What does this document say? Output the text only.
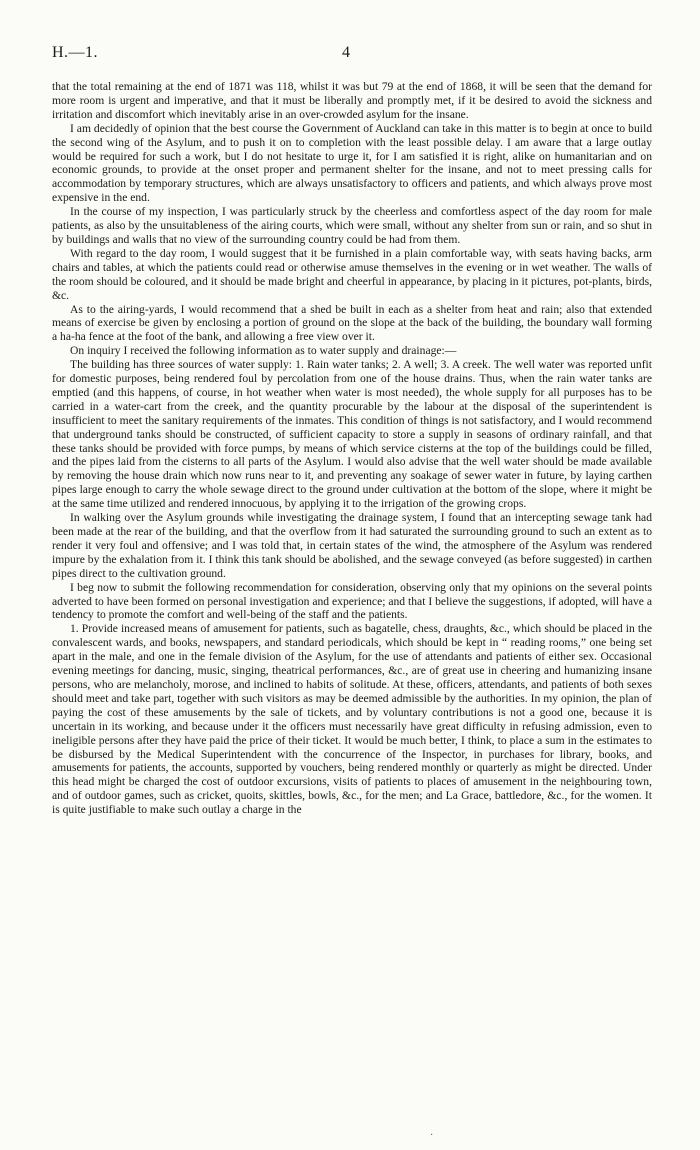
H.—1.	4

that the total remaining at the end of 1871 was 118, whilst it was but 79 at the end of 1868, it will be seen that the demand for more room is urgent and imperative, and that it must be liberally and promptly met, if it be desired to avoid the sickness and irritation and discomfort which inevitably arise in an over-crowded asylum for the insane.

I am decidedly of opinion that the best course the Government of Auckland can take in this matter is to begin at once to build the second wing of the Asylum, and to push it on to completion with the least possible delay. I am aware that a large outlay would be required for such a work, but I do not hesitate to urge it, for I am satisfied it is right, alike on humanitarian and on economic grounds, to provide at the onset proper and permanent shelter for the insane, and not to meet pressing calls for accommodation by temporary structures, which are always unsatisfactory to officers and patients, and which always prove most expensive in the end.

In the course of my inspection, I was particularly struck by the cheerless and comfortless aspect of the day room for male patients, as also by the unsuitableness of the airing courts, which were small, without any shelter from sun or rain, and so shut in by buildings and walls that no view of the surrounding country could be had from them.

With regard to the day room, I would suggest that it be furnished in a plain comfortable way, with seats having backs, arm chairs and tables, at which the patients could read or otherwise amuse themselves in the evening or in wet weather. The walls of the room should be coloured, and it should be made bright and cheerful in appearance, by placing in it pictures, pot-plants, birds, &c.

As to the airing-yards, I would recommend that a shed be built in each as a shelter from heat and rain; also that extended means of exercise be given by enclosing a portion of ground on the slope at the back of the building, the boundary wall forming a ha-ha fence at the foot of the bank, and allowing a free view over it.

On inquiry I received the following information as to water supply and drainage:—

The building has three sources of water supply: 1. Rain water tanks; 2. A well; 3. A creek. The well water was reported unfit for domestic purposes, being rendered foul by percolation from one of the house drains. Thus, when the rain water tanks are emptied (and this happens, of course, in hot weather when water is most needed), the whole supply for all purposes has to be carried in a water-cart from the creek, and the quantity procurable by the labour at the disposal of the superintendent is insufficient to meet the sanitary requirements of the inmates. This condition of things is not satisfactory, and I would recommend that underground tanks should be constructed, of sufficient capacity to store a supply in seasons of ordinary rainfall, and that these tanks should be provided with force pumps, by means of which service cisterns at the top of the buildings could be filled, and the pipes laid from the cisterns to all parts of the Asylum. I would also advise that the well water should be made available by removing the house drain which now runs near to it, and preventing any soakage of sewer water in future, by laying carthen pipes large enough to carry the whole sewage direct to the ground under cultivation at the bottom of the slope, where it might be at the same time utilized and rendered innocuous, by applying it to the irrigation of the growing crops.

In walking over the Asylum grounds while investigating the drainage system, I found that an intercepting sewage tank had been made at the rear of the building, and that the overflow from it had saturated the surrounding ground to such an extent as to render it very foul and offensive; and I was told that, in certain states of the wind, the atmosphere of the Asylum was rendered impure by the exhalation from it. I think this tank should be abolished, and the sewage conveyed (as before suggested) in carthen pipes direct to the cultivation ground.

I beg now to submit the following recommendation for consideration, observing only that my opinions on the several points adverted to have been formed on personal investigation and experience; and that I believe the suggestions, if adopted, will have a tendency to promote the comfort and well-being of the staff and the patients.

1. Provide increased means of amusement for patients, such as bagatelle, chess, draughts, &c., which should be placed in the convalescent wards, and books, newspapers, and standard periodicals, which should be kept in “ reading rooms,” one being set apart in the male, and one in the female division of the Asylum, for the use of attendants and patients of either sex. Occasional evening meetings for dancing, music, singing, theatrical performances, &c., are of great use in cheering and humanizing insane persons, who are melancholy, morose, and inclined to habits of solitude. At these, officers, attendants, and patients of both sexes should meet and take part, together with such visitors as may be deemed admissible by the authorities. In my opinion, the plan of paying the cost of these amusements by the sale of tickets, and by voluntary contributions is not a good one, because it is uncertain in its working, and because under it the officers must necessarily have great difficulty in refusing admission, even to ineligible persons after they have paid the price of their ticket. It would be much better, I think, to place a sum in the estimates to be disbursed by the Medical Superintendent with the concurrence of the Inspector, in purchases for library, books, and amusements for patients, the accounts, supported by vouchers, being rendered monthly or quarterly as might be directed. Under this head might be charged the cost of outdoor excursions, visits of patients to places of amusement in the neighbouring town, and of outdoor games, such as cricket, quoits, skittles, bowls, &c., for the men; and La Grace, battledore, &c., for the women. It is quite justifiable to make such outlay a charge in the

·
